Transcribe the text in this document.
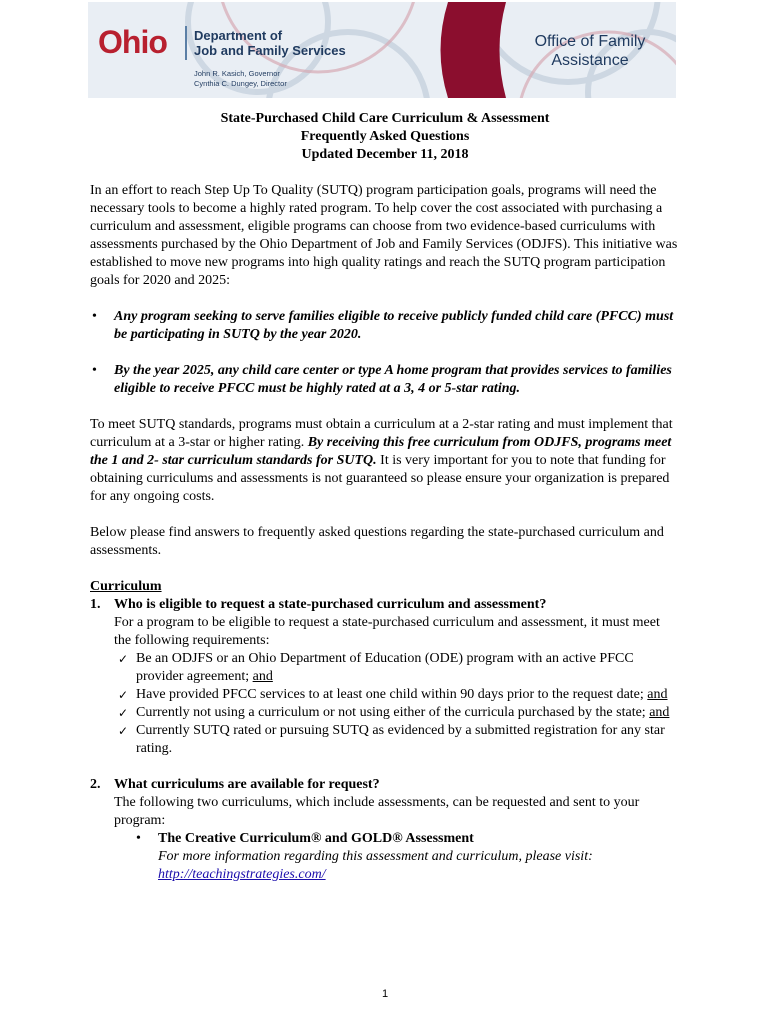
Ohio Department of
Job and Family Services
John R. Kasich, Governor
Cynthia C. Dungey, Director
Office of Family
Assistance

State-Purchased Child Care Curriculum & Assessment

Frequently Asked Questions

Updated December 11, 2018

In an effort to reach Step Up To Quality (SUTQ) program participation goals, programs will need the necessary tools to become a highly rated program. To help cover the cost associated with purchasing a curriculum and assessment, eligible programs can choose from two evidence-based curriculums with assessments purchased by the Ohio Department of Job and Family Services (ODJFS). This initiative was established to move new programs into high quality ratings and reach the SUTQ program participation goals for 2020 and 2025:

• Any program seeking to serve families eligible to receive publicly funded child care (PFCC) must be participating in SUTQ by the year 2020.
• By the year 2025, any child care center or type A home program that provides services to families eligible to receive PFCC must be highly rated at a 3, 4 or 5-star rating.

To meet SUTQ standards, programs must obtain a curriculum at a 2-star rating and must implement that curriculum at a 3-star or higher rating. By receiving this free curriculum from ODJFS, programs meet the 1 and 2- star curriculum standards for SUTQ. It is very important for you to note that funding for obtaining curriculums and assessments is not guaranteed so please ensure your organization is prepared for any ongoing costs.

Below please find answers to frequently asked questions regarding the state-purchased curriculum and assessments.

Curriculum

1. Who is eligible to request a state-purchased curriculum and assessment?
For a program to be eligible to request a state-purchased curriculum and assessment, it must meet the following requirements:
✓ Be an ODJFS or an Ohio Department of Education (ODE) program with an active PFCC provider agreement; and
✓ Have provided PFCC services to at least one child within 90 days prior to the request date; and
✓ Currently not using a curriculum or not using either of the curricula purchased by the state; and
✓ Currently SUTQ rated or pursuing SUTQ as evidenced by a submitted registration for any star rating.
2. What curriculums are available for request?
The following two curriculums, which include assessments, can be requested and sent to your program:
• The Creative Curriculum® and GOLD® Assessment
For more information regarding this assessment and curriculum, please visit:
http://teachingstrategies.com/
1
